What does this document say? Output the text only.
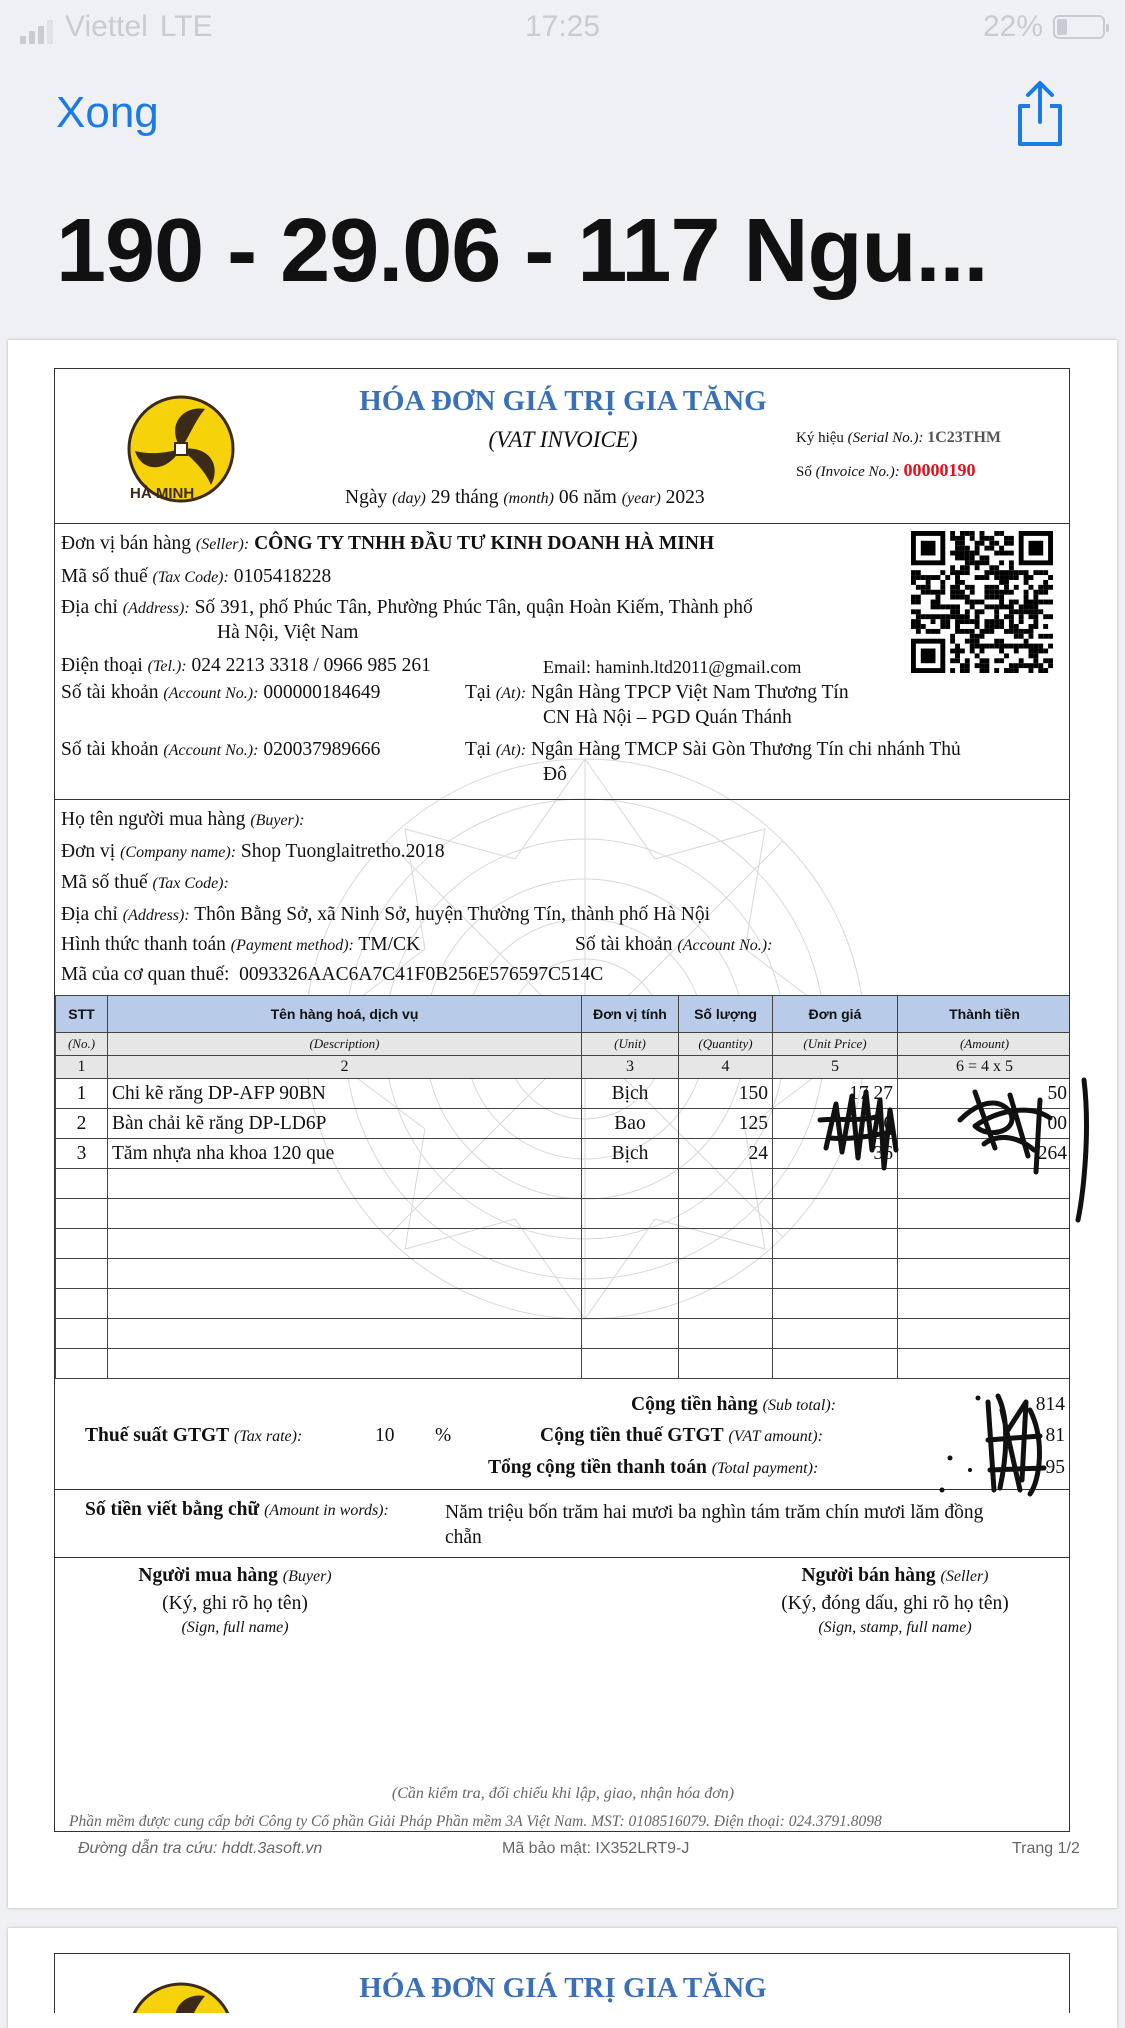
Viettel LTE	17:25	22%
Xong
190 - 29.06 - 117 Ngu...
HÀ MINH
HÓA ĐƠN GIÁ TRỊ GIA TĂNG
(VAT INVOICE)
Ngày (day) 29 tháng (month) 06 năm (year) 2023
Ký hiệu (Serial No.): 1C23THM
Số (Invoice No.): 00000190
Đơn vị bán hàng (Seller): CÔNG TY TNHH ĐẦU TƯ KINH DOANH HÀ MINH
Mã số thuế (Tax Code): 0105418228
Địa chỉ (Address): Số 391, phố Phúc Tân, Phường Phúc Tân, quận Hoàn Kiếm, Thành phố
Hà Nội, Việt Nam
Điện thoại (Tel.): 024 2213 3318 / 0966 985 261	Email: haminh.ltd2011@gmail.com
Số tài khoản (Account No.): 000000184649	Tại (At): Ngân Hàng TPCP Việt Nam Thương Tín
CN Hà Nội – PGD Quán Thánh
Số tài khoản (Account No.): 020037989666	Tại (At): Ngân Hàng TMCP Sài Gòn Thương Tín chi nhánh Thủ
Đô
Họ tên người mua hàng (Buyer):
Đơn vị (Company name): Shop Tuonglaitretho.2018
Mã số thuế (Tax Code):
Địa chỉ (Address): Thôn Bằng Sở, xã Ninh Sở, huyện Thường Tín, thành phố Hà Nội
Hình thức thanh toán (Payment method): TM/CK	Số tài khoản (Account No.):
Mã của cơ quan thuế: 0093326AAC6A7C41F0B256E576597C514C
STT	Tên hàng hoá, dịch vụ	Đơn vị tính	Số lượng	Đơn giá	Thành tiền
(No.)	(Description)	(Unit)	(Quantity)	(Unit Price)	(Amount)
1	2	3	4	5	6 = 4 x 5
1	Chi kẽ răng DP-AFP 90BN	Bịch	150	17 27	50
2	Bàn chải kẽ răng DP-LD6P	Bao	125	6	00
3	Tăm nhựa nha khoa 120 que	Bịch	24	36	264

Cộng tiền hàng (Sub total):	814
Thuế suất GTGT (Tax rate):	10 %	Cộng tiền thuế GTGT (VAT amount):	81
Tổng cộng tiền thanh toán (Total payment):	95
Số tiền viết bằng chữ (Amount in words):	Năm triệu bốn trăm hai mươi ba nghìn tám trăm chín mươi lăm đồng
chẵn
Người mua hàng (Buyer)
(Ký, ghi rõ họ tên)
(Sign, full name)
Người bán hàng (Seller)
(Ký, đóng dấu, ghi rõ họ tên)
(Sign, stamp, full name)
(Cần kiểm tra, đối chiếu khi lập, giao, nhận hóa đơn)
Phần mềm được cung cấp bởi Công ty Cổ phần Giải Pháp Phần mềm 3A Việt Nam. MST: 0108516079. Điện thoại: 024.3791.8098
Đường dẫn tra cứu: hddt.3asoft.vn	Mã bảo mật: IX352LRT9-J	Trang 1/2
HÓA ĐƠN GIÁ TRỊ GIA TĂNG
